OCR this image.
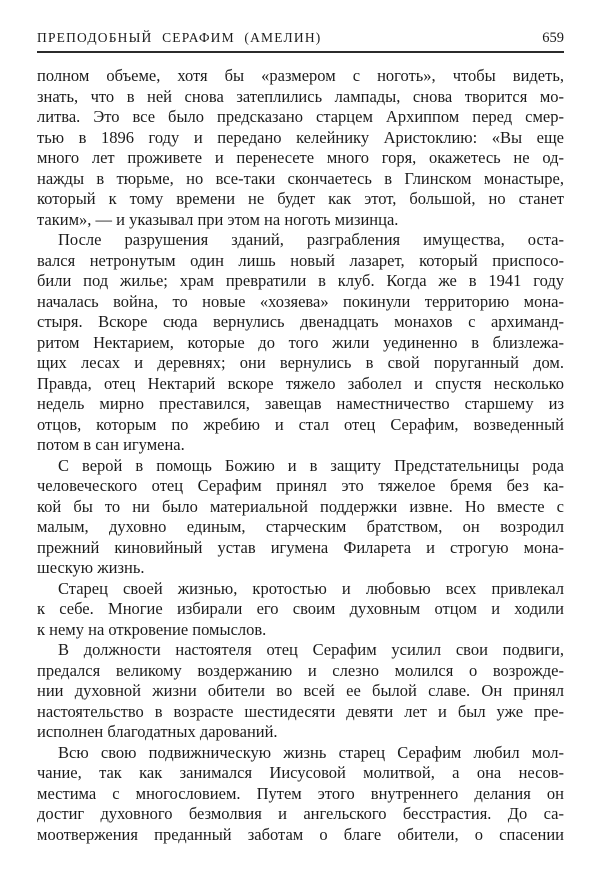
ПРЕПОДОБНЫЙ СЕРАФИМ (АМЕЛИН)	659
полном объеме, хотя бы «размером с ноготь», чтобы видеть,
знать, что в ней снова затеплились лампады, снова творится мо-
литва. Это все было предсказано старцем Архиппом перед смер-
тью в 1896 году и передано келейнику Аристоклию: «Вы еще
много лет проживете и перенесете много горя, окажетесь не од-
нажды в тюрьме, но все-таки скончаетесь в Глинском монастыре,
который к тому времени не будет как этот, большой, но станет
таким», — и указывал при этом на ноготь мизинца.
После разрушения зданий, разграбления имущества, оста-
вался нетронутым один лишь новый лазарет, который приспосо-
били под жилье; храм превратили в клуб. Когда же в 1941 году
началась война, то новые «хозяева» покинули территорию мона-
стыря. Вскоре сюда вернулись двенадцать монахов с архиманд-
ритом Нектарием, которые до того жили уединенно в близлежа-
щих лесах и деревнях; они вернулись в свой поруганный дом.
Правда, отец Нектарий вскоре тяжело заболел и спустя несколько
недель мирно преставился, завещав наместничество старшему из
отцов, которым по жребию и стал отец Серафим, возведенный
потом в сан игумена.
С верой в помощь Божию и в защиту Предстательницы рода
человеческого отец Серафим принял это тяжелое бремя без ка-
кой бы то ни было материальной поддержки извне. Но вместе с
малым, духовно единым, старческим братством, он возродил
прежний киновийный устав игумена Филарета и строгую мона-
шескую жизнь.
Старец своей жизнью, кротостью и любовью всех привлекал
к себе. Многие избирали его своим духовным отцом и ходили
к нему на откровение помыслов.
В должности настоятеля отец Серафим усилил свои подвиги,
предался великому воздержанию и слезно молился о возрожде-
нии духовной жизни обители во всей ее былой славе. Он принял
настоятельство в возрасте шестидесяти девяти лет и был уже пре-
исполнен благодатных дарований.
Всю свою подвижническую жизнь старец Серафим любил мол-
чание, так как занимался Иисусовой молитвой, а она несов-
местима с многословием. Путем этого внутреннего делания он
достиг духовного безмолвия и ангельского бесстрастия. До са-
моотвержения преданный заботам о благе обители, о спасении
